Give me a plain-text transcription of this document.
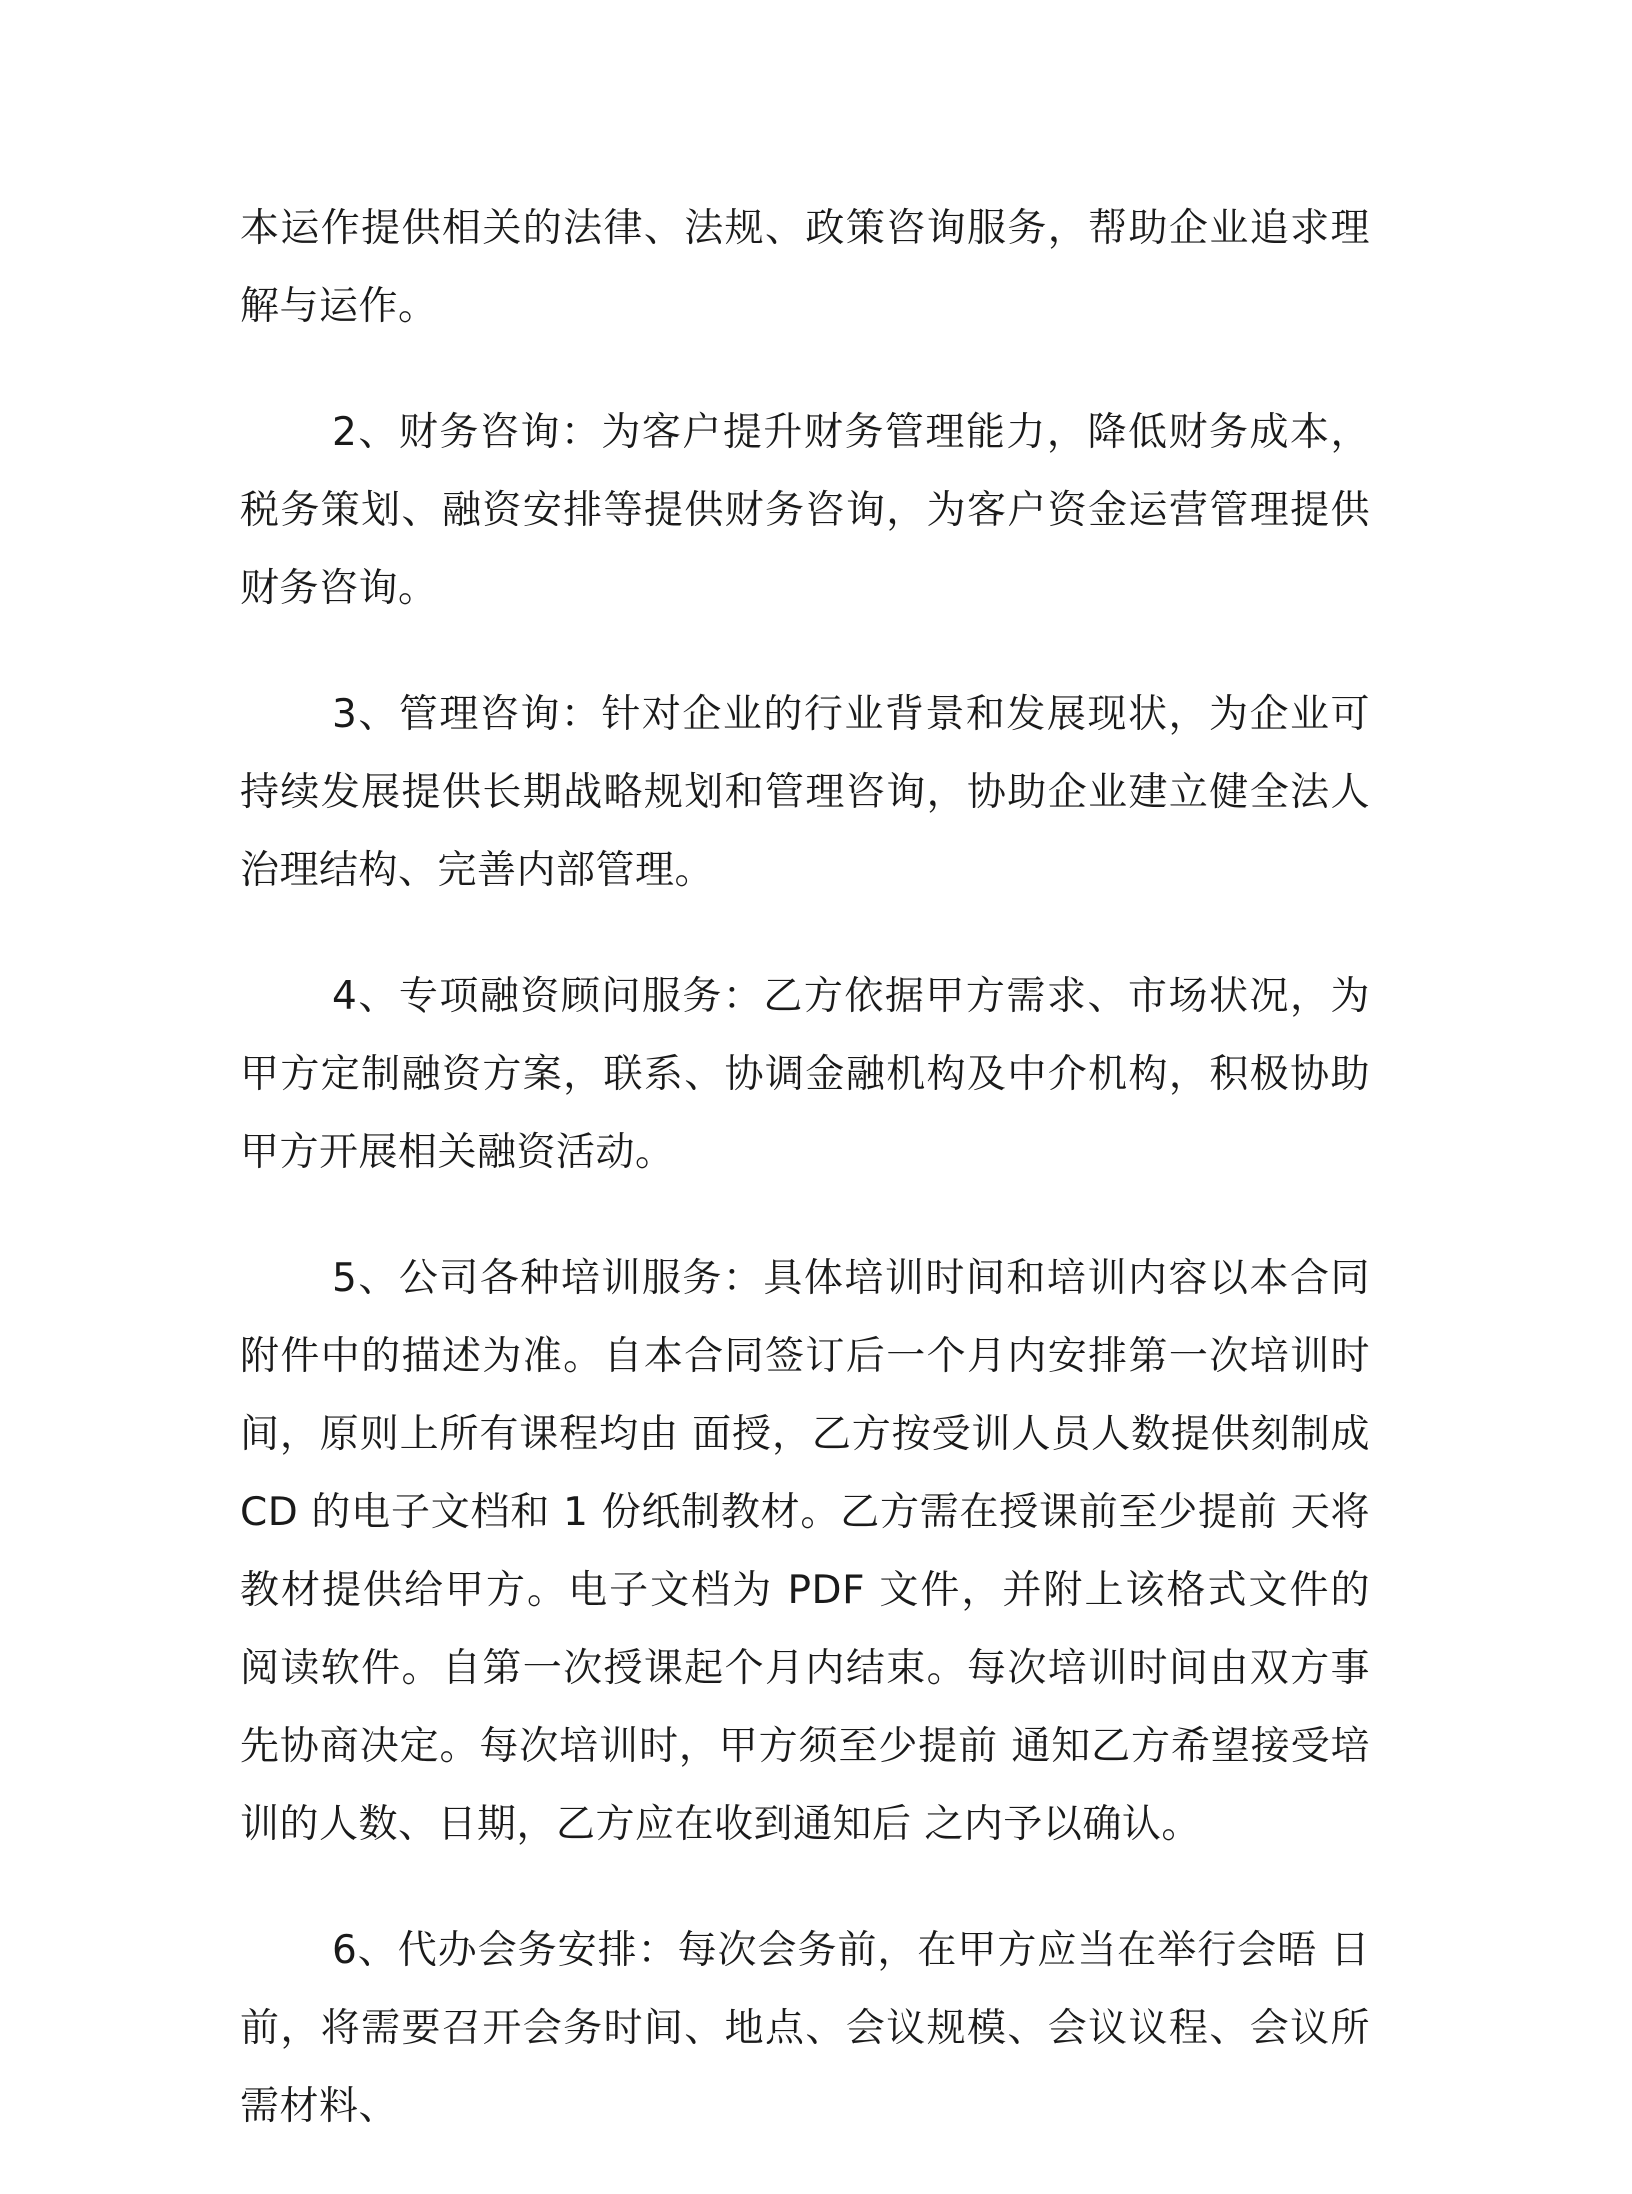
本运作提供相关的法律、法规、政策咨询服务，帮助企业追求理解与运作。

2、财务咨询：为客户提升财务管理能力，降低财务成本，税务策划、融资安排等提供财务咨询，为客户资金运营管理提供财务咨询。

3、管理咨询：针对企业的行业背景和发展现状，为企业可持续发展提供长期战略规划和管理咨询，协助企业建立健全法人治理结构、完善内部管理。

4、专项融资顾问服务：乙方依据甲方需求、市场状况，为甲方定制融资方案，联系、协调金融机构及中介机构，积极协助甲方开展相关融资活动。

5、公司各种培训服务：具体培训时间和培训内容以本合同附件中的描述为准。自本合同签订后一个月内安排第一次培训时间，原则上所有课程均由 面授，乙方按受训人员人数提供刻制成 CD 的电子文档和 1 份纸制教材。乙方需在授课前至少提前 天将教材提供给甲方。电子文档为 PDF 文件，并附上该格式文件的阅读软件。自第一次授课起个月内结束。每次培训时间由双方事先协商决定。每次培训时，甲方须至少提前 通知乙方希望接受培训的人数、日期，乙方应在收到通知后 之内予以确认。

6、代办会务安排：每次会务前，在甲方应当在举行会晤 日前，将需要召开会务时间、地点、会议规模、会议议程、会议所需材料、
